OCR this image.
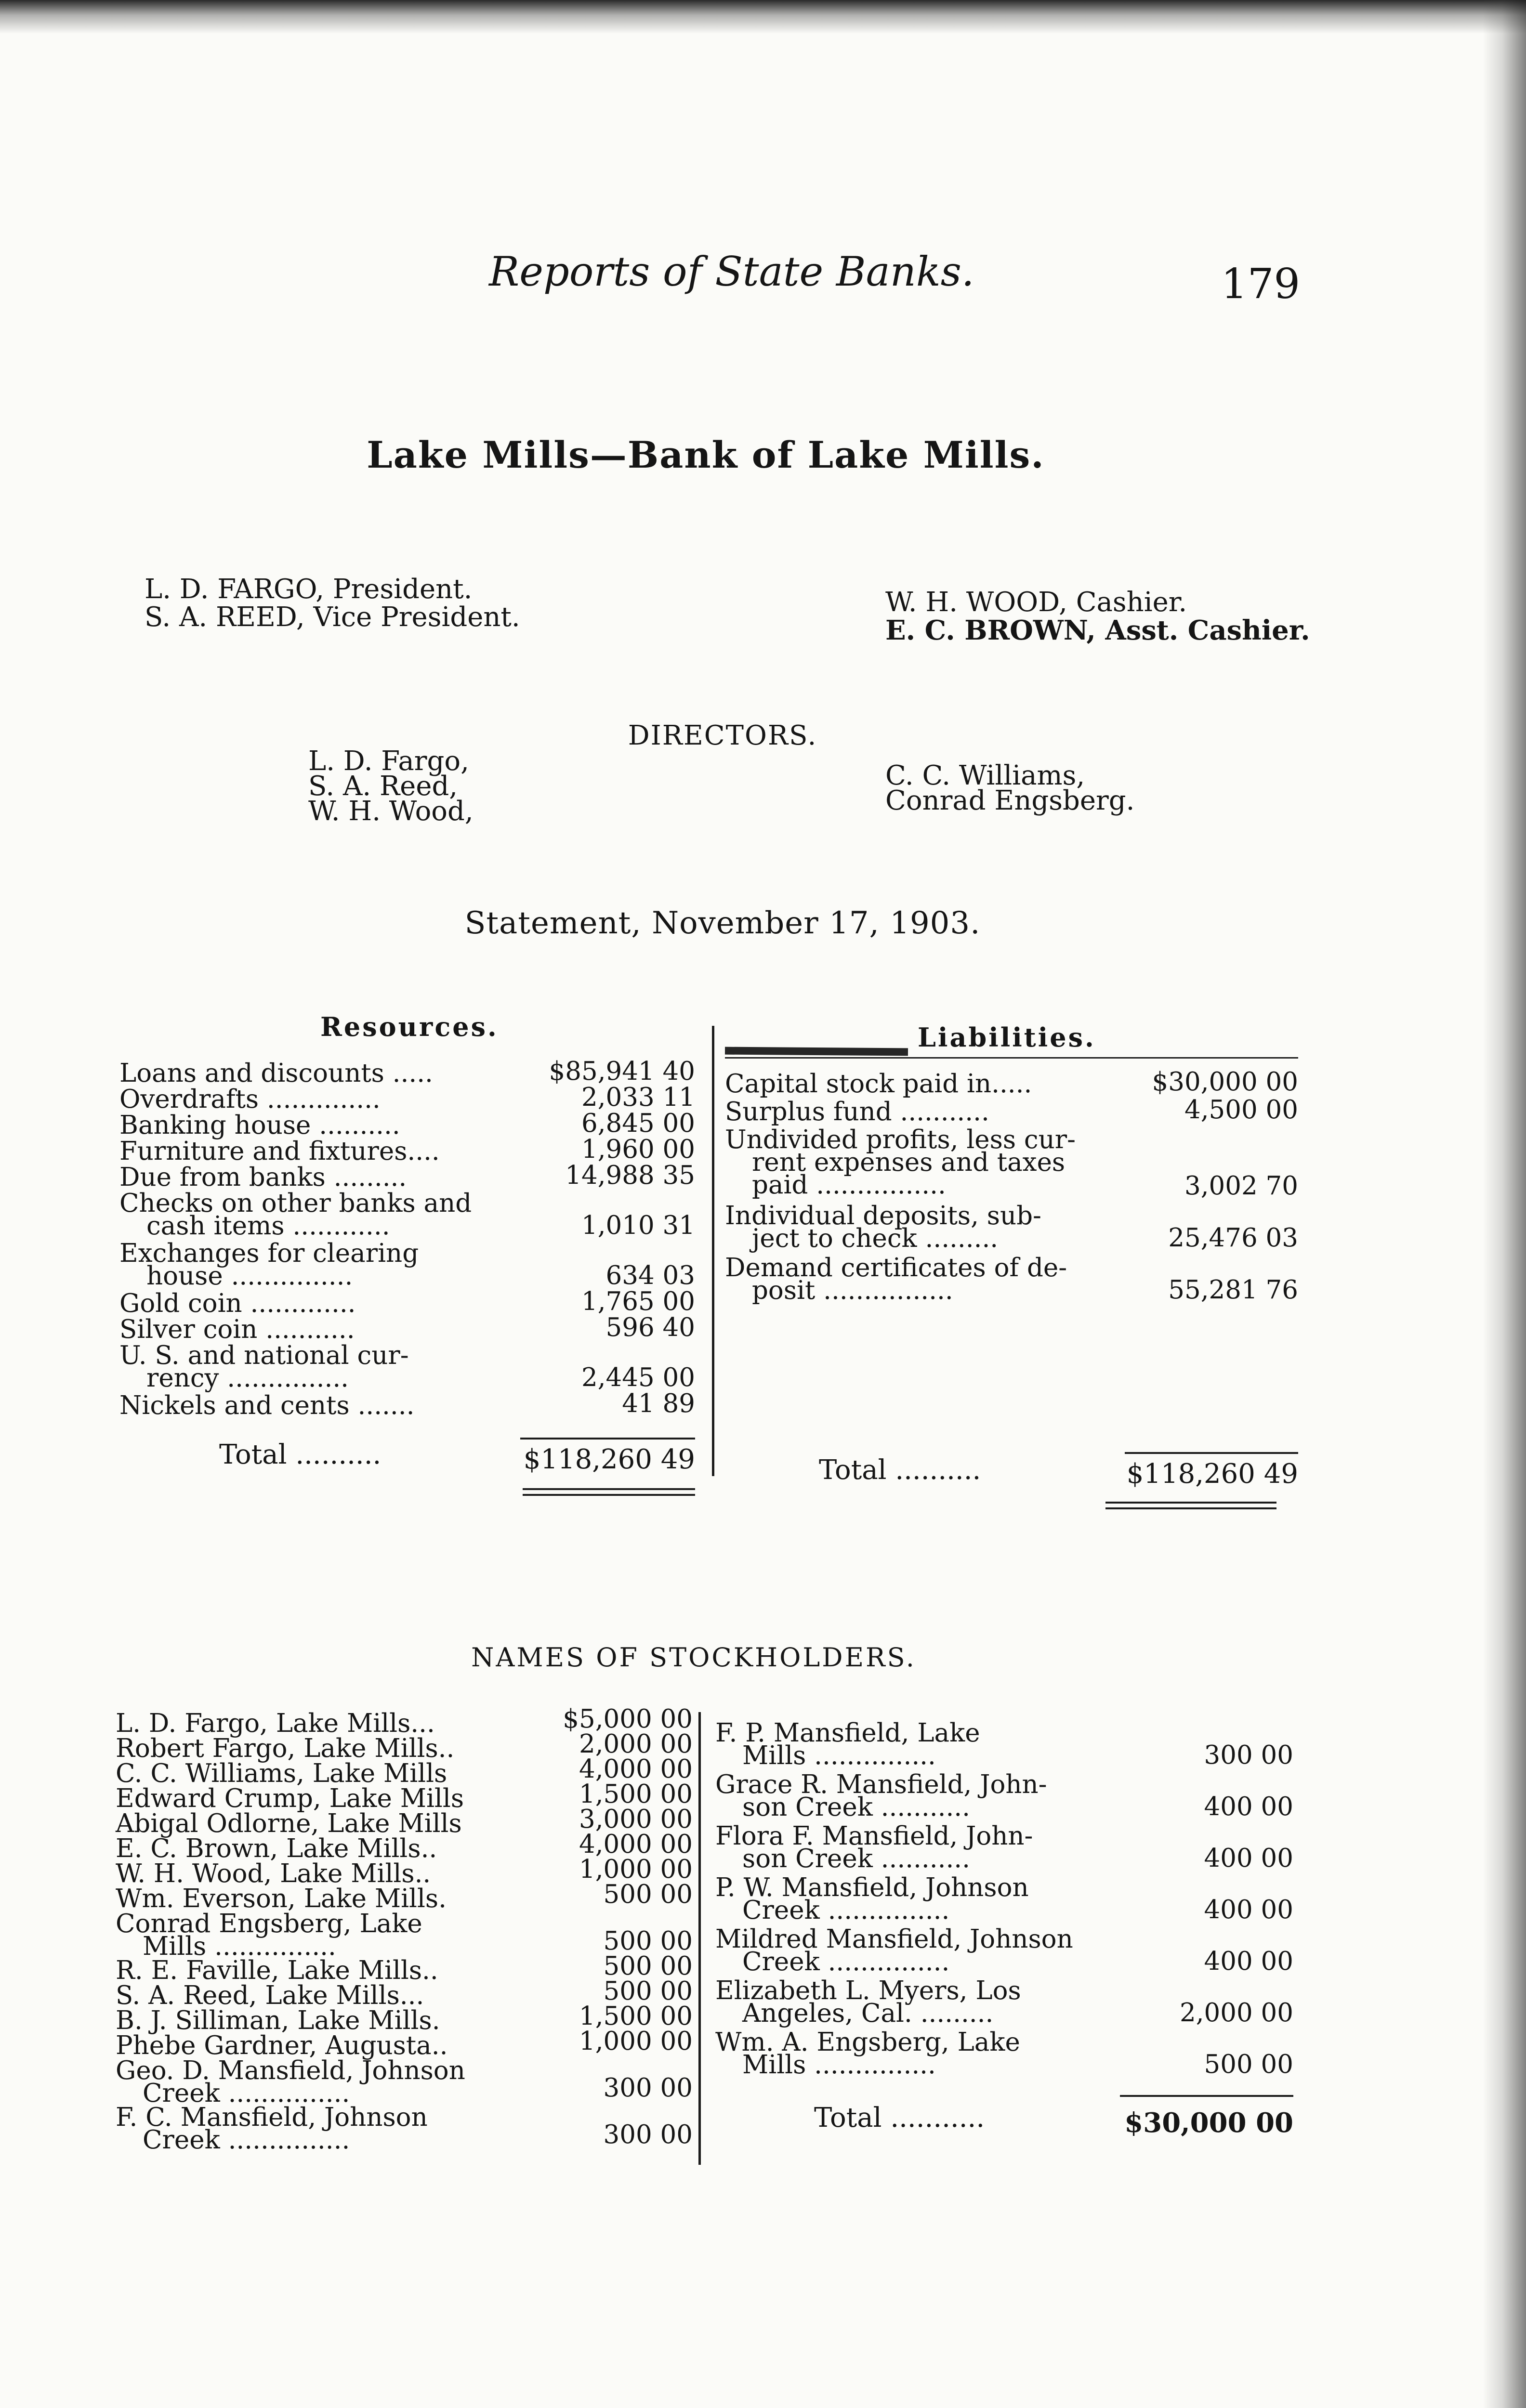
Reports of State Banks.	179
Lake Mills—Bank of Lake Mills.
L. D. FARGO, President.
S. A. REED, Vice President.	W. H. WOOD, Cashier.
E. C. BROWN, Asst. Cashier.
DIRECTORS.
L. D. Fargo,
S. A. Reed,
W. H. Wood,
C. C. Williams,
Conrad Engsberg.
Statement, November 17, 1903.
Resources.	Liabilities.
Loans and discounts .....	$85,941 40
Overdrafts ..............	2,033 11
Banking house ..........	6,845 00
Furniture and fixtures....	1,960 00
Due from banks .........	14,988 35
Checks on other banks and
cash items ............	1,010 31
Exchanges for clearing
house ...............	634 03
Gold coin .............	1,765 00
Silver coin ...........	596 40
U. S. and national cur-
rency ...............	2,445 00
Nickels and cents .......	41 89
Capital stock paid in.....	$30,000 00
Surplus fund ...........	4,500 00
Undivided profits, less cur-
rent expenses and taxes
paid ................	3,002 70
Individual deposits, sub-
ject to check .........	25,476 03
Demand certificates of de-
posit ................	55,281 76
Total ..........	$118,260 49	Total ..........	$118,260 49
NAMES OF STOCKHOLDERS.
L. D. Fargo, Lake Mills...	$5,000 00
Robert Fargo, Lake Mills..	2,000 00
C. C. Williams, Lake Mills	4,000 00
Edward Crump, Lake Mills	1,500 00
Abigal Odlorne, Lake Mills	3,000 00
E. C. Brown, Lake Mills..	4,000 00
W. H. Wood, Lake Mills..	1,000 00
Wm. Everson, Lake Mills.	500 00
Conrad Engsberg, Lake
Mills ...............	500 00
R. E. Faville, Lake Mills..	500 00
S. A. Reed, Lake Mills...	500 00
B. J. Silliman, Lake Mills.	1,500 00
Phebe Gardner, Augusta..	1,000 00
Geo. D. Mansfield, Johnson
Creek ...............	300 00
F. C. Mansfield, Johnson
Creek ...............	300 00
F. P. Mansfield, Lake
Mills ...............	300 00
Grace R. Mansfield, John-
son Creek ...........	400 00
Flora F. Mansfield, John-
son Creek ...........	400 00
P. W. Mansfield, Johnson
Creek ...............	400 00
Mildred Mansfield, Johnson
Creek ...............	400 00
Elizabeth L. Myers, Los
Angeles, Cal. .........	2,000 00
Wm. A. Engsberg, Lake
Mills ...............	500 00
Total ...........	$30,000 00
